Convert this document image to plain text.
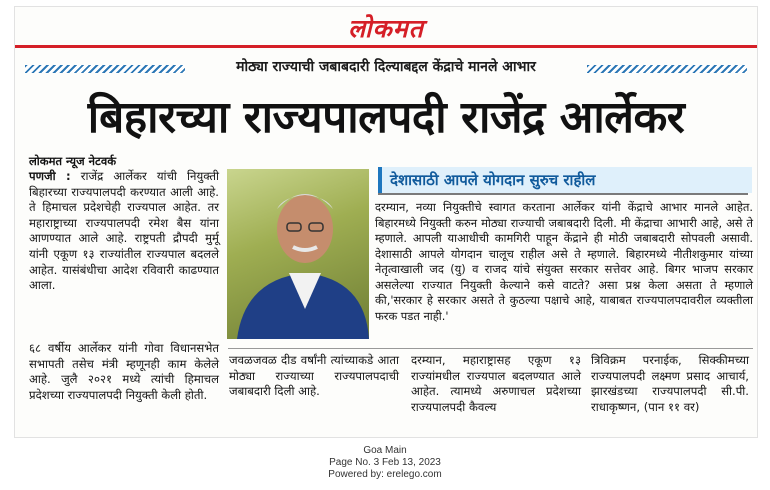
लोकमत
मोठ्या राज्याची जबाबदारी दिल्याबद्दल केंद्राचे मानले आभार
बिहारच्या राज्यपालपदी राजेंद्र आर्लेकर
लोकमत न्यूज नेटवर्क
पणजी : राजेंद्र आर्लेकर यांची नियुक्ती बिहारच्या राज्यपालपदी करण्यात आली आहे. ते हिमाचल प्रदेशचेही राज्यपाल आहेत. तर महाराष्ट्राच्या राज्यपालपदी रमेश बैस यांना आणण्यात आले आहे. राष्ट्रपती द्रौपदी मुर्मू यांनी एकूण १३ राज्यांतील राज्यपाल बदलले आहेत. यासंबंधीचा आदेश रविवारी काढण्यात आला.
६८ वर्षीय आर्लेकर यांनी गोवा विधानसभेत सभापती तसेच मंत्री म्हणूनही काम केलेले आहे. जुलै २०२१ मध्ये त्यांची हिमाचल प्रदेशच्या राज्यपालपदी नियुक्ती केली होती.
देशासाठी आपले योगदान सुरुच राहील
दरम्यान, नव्या नियुक्तीचे स्वागत करताना आर्लेकर यांनी केंद्राचे आभार मानले आहेत. बिहारमध्ये नियुक्ती करुन मोठ्या राज्याची जबाबदारी दिली. मी केंद्राचा आभारी आहे, असे ते म्हणाले. आपली याआधीची कामगिरी पाहून केंद्राने ही मोठी जबाबदारी सोपवली असावी. देशासाठी आपले योगदान चालूच राहील असे ते म्हणाले. बिहारमध्ये नीतीशकुमार यांच्या नेतृत्वाखाली जद (यु) व राजद यांचे संयुक्त सरकार सत्तेवर आहे. बिगर भाजप सरकार असलेल्या राज्यात नियुक्ती केल्याने कसे वाटते? असा प्रश्न केला असता ते म्हणाले की,'सरकार हे सरकार असते ते कुठल्या पक्षाचे आहे, याबाबत राज्यपालपदावरील व्यक्तीला फरक पडत नाही.'
जवळजवळ दीड वर्षांनी त्यांच्याकडे आता मोठ्या राज्याच्या राज्यपालपदाची जबाबदारी दिली आहे.
दरम्यान, महाराष्ट्रासह एकूण १३ राज्यांमधील राज्यपाल बदलण्यात आले आहेत. त्यामध्ये अरुणाचल प्रदेशच्या राज्यपालपदी कैवल्य
त्रिविक्रम परनाईक, सिक्कीमच्या राज्यपालपदी लक्ष्मण प्रसाद आचार्य, झारखंडच्या राज्यपालपदी सी.पी. राधाकृष्णन, (पान ११ वर)
Goa Main
Page No. 3 Feb 13, 2023
Powered by: erelego.com
